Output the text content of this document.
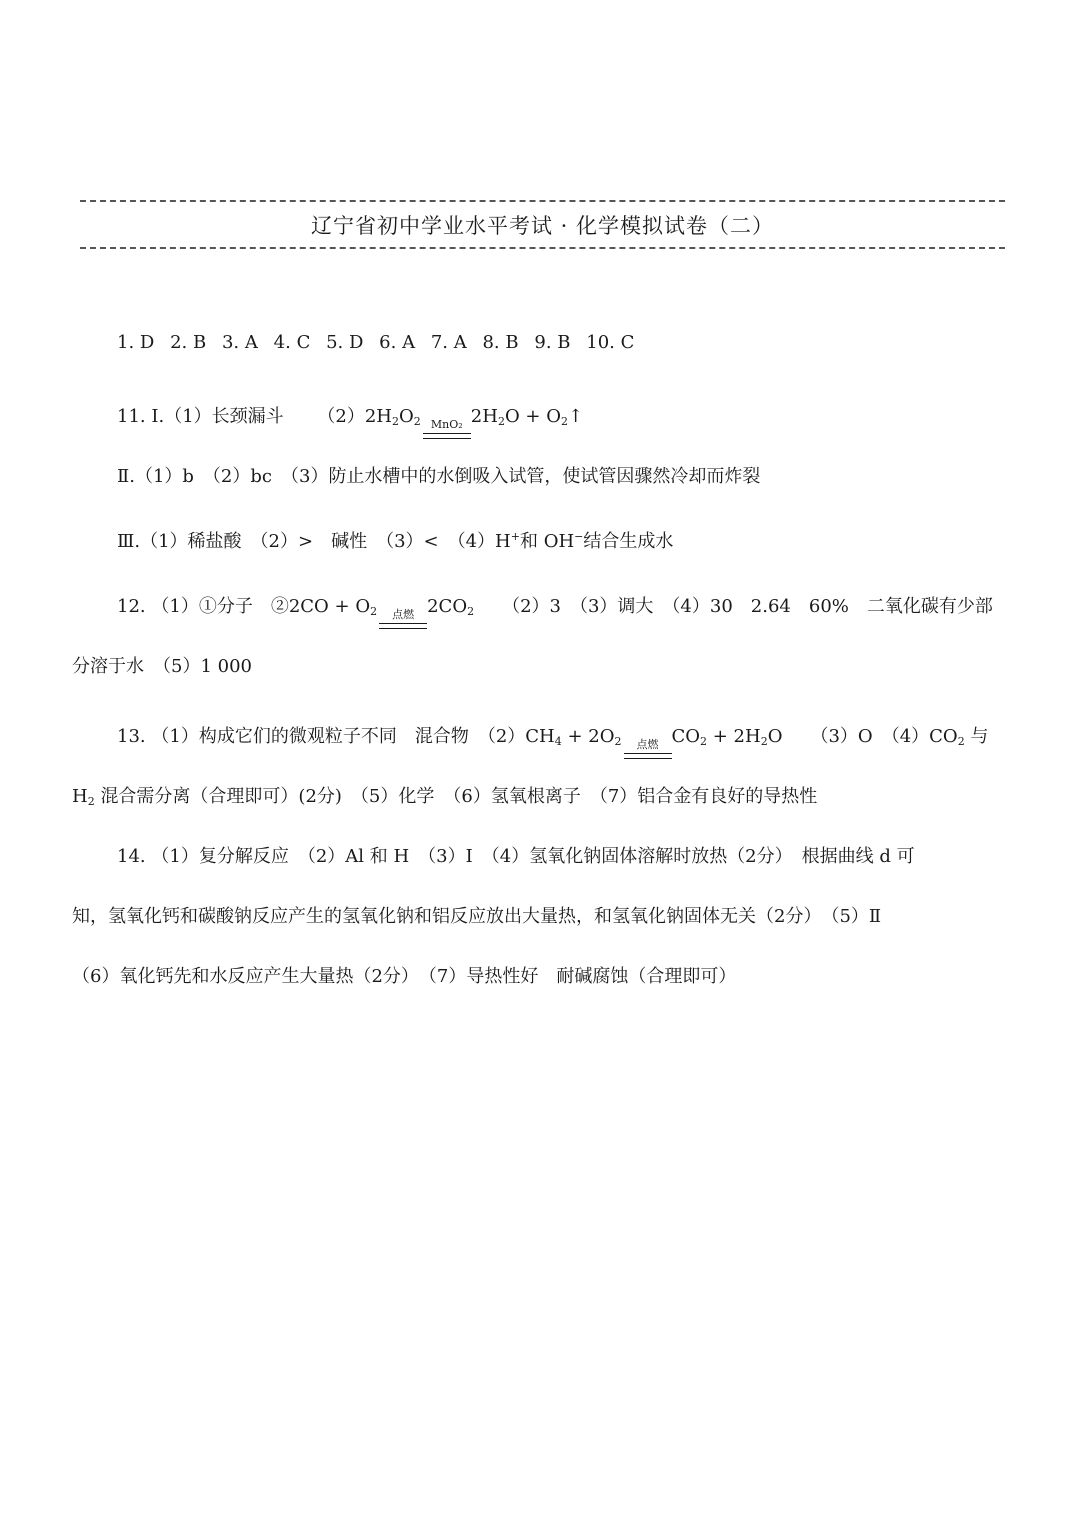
辽宁省初中学业水平考试 · 化学模拟试卷（二）
1. D 2. B 3. A 4. C 5. D 6. A 7. A 8. B 9. B 10. C
11. Ⅰ.（1）长颈漏斗 $(2)2H_2O_2$ MnO₂ $2H_2O$ + $O_2↑$
Ⅱ.（1）b　（2）bc　（3）防止水槽中的水倒吸入试管，使试管因骤然冷却而炸裂
Ⅲ.（1）稀盐酸　（2）>　碱性　（3）<　（4）H+和 OH−结合生成水
12. （1）①分子　②2CO + $O_2$ 点燃 $2CO_2$ （2）3　（3）调大　（4）30　2.64　60%　二氧化碳有少部
分溶于水　（5）1 000
13. （1）构成它们的微观粒子不同　混合物　$(2)CH_4 + 2O_2$ 点燃 $CO_2 + 2H_2O$ （3）O　$(4)CO_2$ 与
$H_2$ 混合需分离（合理即可）(2分)　（5）化学　（6）氢氧根离子　（7）铝合金有良好的导热性
14. （1）复分解反应　（2）Al 和 H　（3）Ⅰ　（4）氢氧化钠固体溶解时放热（2分）　根据曲线 d 可
知，氢氧化钙和碳酸钠反应产生的氢氧化钠和铝反应放出大量热，和氢氧化钠固体无关（2分）　（5）Ⅱ
（6）氧化钙先和水反应产生大量热（2分）　（7）导热性好　耐碱腐蚀（合理即可）
